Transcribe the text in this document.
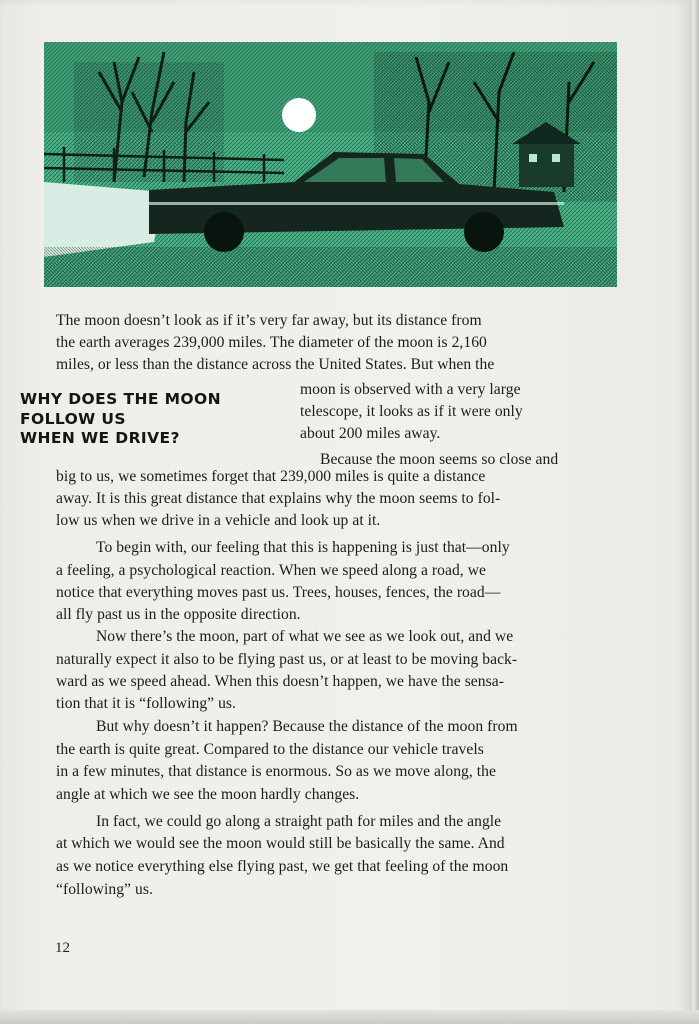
WHY DOES THE MOON
FOLLOW US
WHEN WE DRIVE?
The moon doesn’t look as if it’s very far away, but its distance from
the earth averages 239,000 miles. The diameter of the moon is 2,160
miles, or less than the distance across the United States. But when the
moon is observed with a very large
telescope, it looks as if it were only
about 200 miles away.
Because the moon seems so close and
big to us, we sometimes forget that 239,000 miles is quite a distance
away. It is this great distance that explains why the moon seems to fol-
low us when we drive in a vehicle and look up at it.
To begin with, our feeling that this is happening is just that—only
a feeling, a psychological reaction. When we speed along a road, we
notice that everything moves past us. Trees, houses, fences, the road—
all fly past us in the opposite direction.
Now there’s the moon, part of what we see as we look out, and we
naturally expect it also to be flying past us, or at least to be moving back-
ward as we speed ahead. When this doesn’t happen, we have the sensa-
tion that it is “following” us.
But why doesn’t it happen? Because the distance of the moon from
the earth is quite great. Compared to the distance our vehicle travels
in a few minutes, that distance is enormous. So as we move along, the
angle at which we see the moon hardly changes.
In fact, we could go along a straight path for miles and the angle
at which we would see the moon would still be basically the same. And
as we notice everything else flying past, we get that feeling of the moon
“following” us.
12
